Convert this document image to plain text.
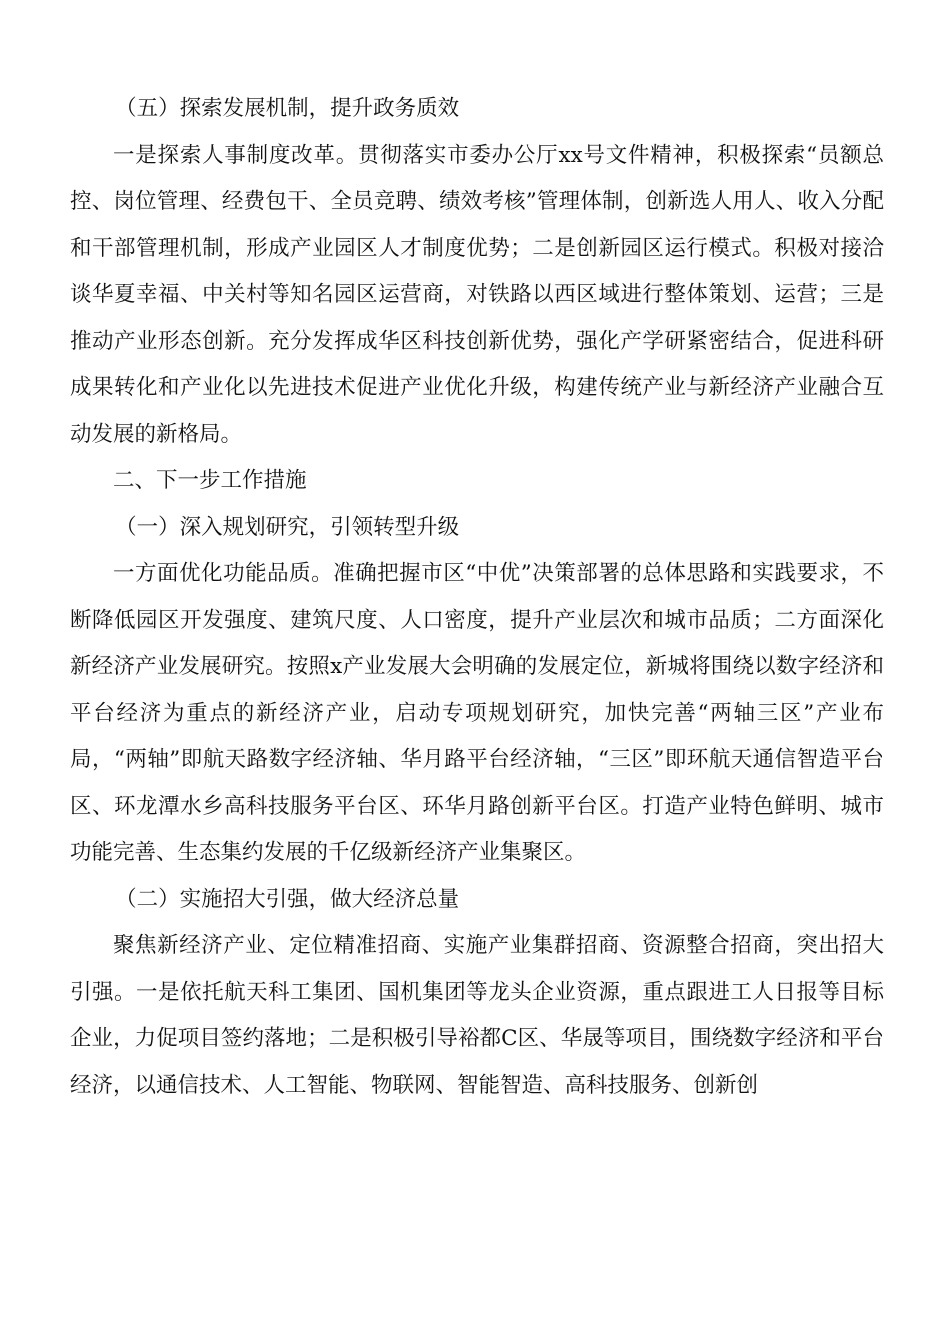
（五）探索发展机制，提升政务质效

一是探索人事制度改革。贯彻落实市委办公厅xx号文件精神，积极探索“员额总控、岗位管理、经费包干、全员竞聘、绩效考核”管理体制，创新选人用人、收入分配和干部管理机制，形成产业园区人才制度优势；二是创新园区运行模式。积极对接洽谈华夏幸福、中关村等知名园区运营商，对铁路以西区域进行整体策划、运营；三是推动产业形态创新。充分发挥成华区科技创新优势，强化产学研紧密结合，促进科研成果转化和产业化以先进技术促进产业优化升级，构建传统产业与新经济产业融合互动发展的新格局。

二、下一步工作措施

（一）深入规划研究，引领转型升级

一方面优化功能品质。准确把握市区“中优”决策部署的总体思路和实践要求，不断降低园区开发强度、建筑尺度、人口密度，提升产业层次和城市品质；二方面深化新经济产业发展研究。按照x产业发展大会明确的发展定位，新城将围绕以数字经济和平台经济为重点的新经济产业，启动专项规划研究，加快完善“两轴三区”产业布局，“两轴”即航天路数字经济轴、华月路平台经济轴，“三区”即环航天通信智造平台区、环龙潭水乡高科技服务平台区、环华月路创新平台区。打造产业特色鲜明、城市功能完善、生态集约发展的千亿级新经济产业集聚区。

（二）实施招大引强，做大经济总量

聚焦新经济产业、定位精准招商、实施产业集群招商、资源整合招商，突出招大引强。一是依托航天科工集团、国机集团等龙头企业资源，重点跟进工人日报等目标企业，力促项目签约落地；二是积极引导裕都C区、华晟等项目，围绕数字经济和平台经济，以通信技术、人工智能、物联网、智能智造、高科技服务、创新创
